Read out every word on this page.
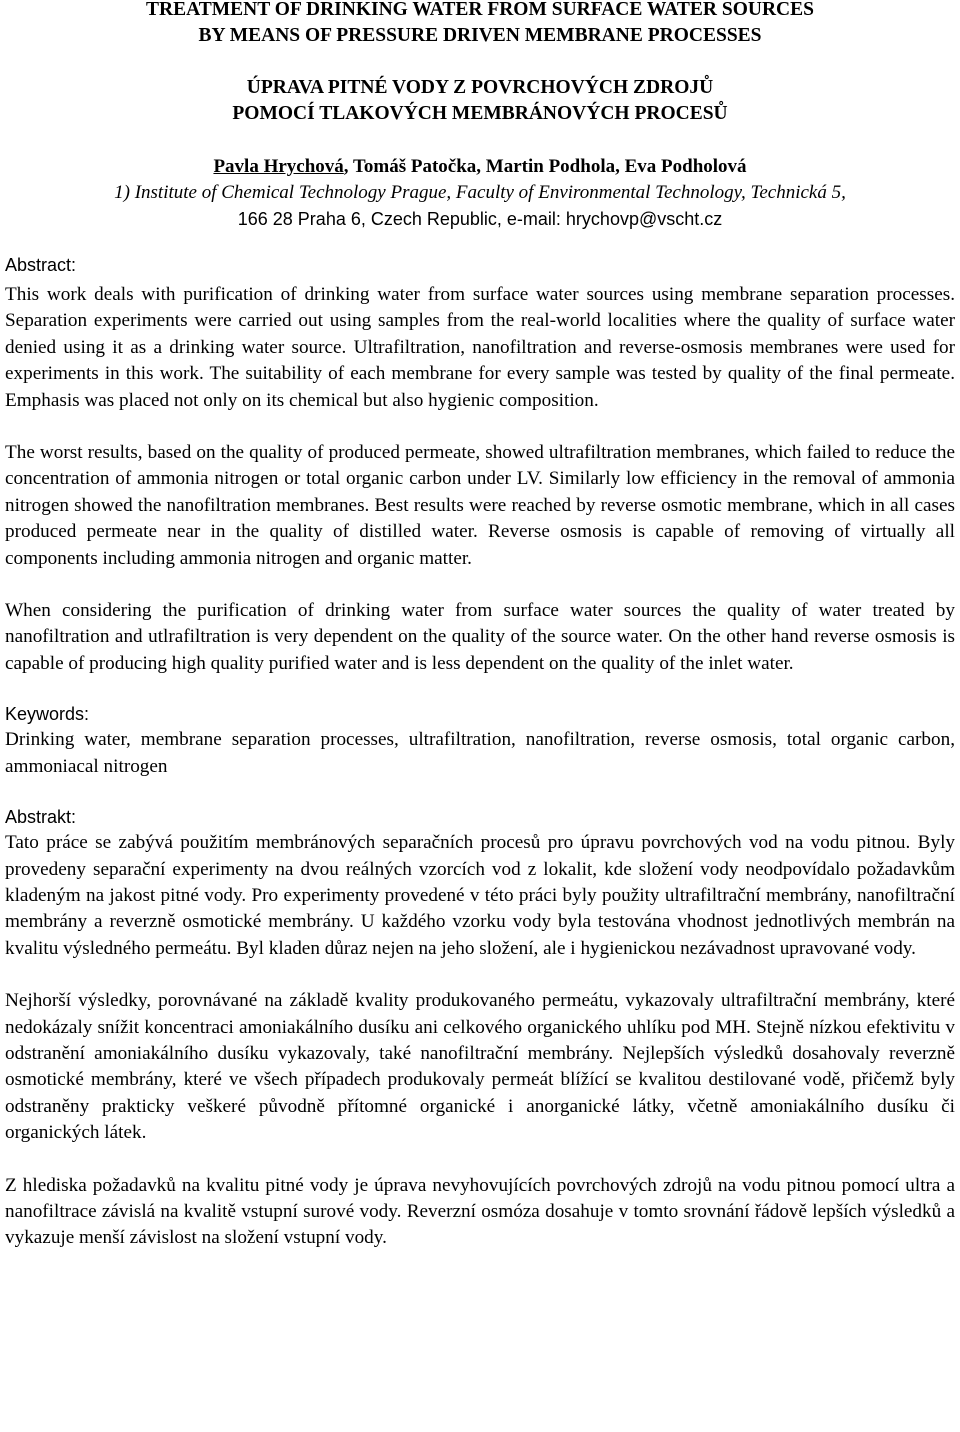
TREATMENT OF DRINKING WATER FROM SURFACE WATER SOURCES

BY MEANS OF PRESSURE DRIVEN MEMBRANE PROCESSES

ÚPRAVA PITNÉ VODY Z POVRCHOVÝCH ZDROJŮ

POMOCÍ TLAKOVÝCH MEMBRÁNOVÝCH PROCESŮ

Pavla Hrychová, Tomáš Patočka, Martin Podhola, Eva Podholová

1) Institute of Chemical Technology Prague, Faculty of Environmental Technology, Technická 5,

166 28 Praha 6, Czech Republic, e-mail: hrychovp@vscht.cz

Abstract:

This work deals with purification of drinking water from surface water sources using membrane separation processes. Separation experiments were carried out using samples from the real-world localities where the quality of surface water denied using it as a drinking water source. Ultrafiltration, nanofiltration and reverse-osmosis membranes were used for experiments in this work. The suitability of each membrane for every sample was tested by quality of the final permeate. Emphasis was placed not only on its chemical but also hygienic composition.

The worst results, based on the quality of produced permeate, showed ultrafiltration membranes, which failed to reduce the concentration of ammonia nitrogen or total organic carbon under LV. Similarly low efficiency in the removal of ammonia nitrogen showed the nanofiltration membranes. Best results were reached by reverse osmotic membrane, which in all cases produced permeate near in the quality of distilled water. Reverse osmosis is capable of removing of virtually all components including ammonia nitrogen and organic matter.

When considering the purification of drinking water from surface water sources the quality of water treated by nanofiltration and utlrafiltration is very dependent on the quality of the source water. On the other hand reverse osmosis is capable of producing high quality purified water and is less dependent on the quality of the inlet water.

Keywords:

Drinking water, membrane separation processes, ultrafiltration, nanofiltration, reverse osmosis, total organic carbon, ammoniacal nitrogen

Abstrakt:

Tato práce se zabývá použitím membránových separačních procesů pro úpravu povrchových vod na vodu pitnou. Byly provedeny separační experimenty na dvou reálných vzorcích vod z lokalit, kde složení vody neodpovídalo požadavkům kladeným na jakost pitné vody. Pro experimenty provedené v této práci byly použity ultrafiltrační membrány, nanofiltrační membrány a reverzně osmotické membrány. U každého vzorku vody byla testována vhodnost jednotlivých membrán na kvalitu výsledného permeátu. Byl kladen důraz nejen na jeho složení, ale i hygienickou nezávadnost upravované vody.

Nejhorší výsledky, porovnávané na základě kvality produkovaného permeátu, vykazovaly ultrafiltrační membrány, které nedokázaly snížit koncentraci amoniakálního dusíku ani celkového organického uhlíku pod MH. Stejně nízkou efektivitu v odstranění amoniakálního dusíku vykazovaly, také nanofiltrační membrány. Nejlepších výsledků dosahovaly reverzně osmotické membrány, které ve všech případech produkovaly permeát blížící se kvalitou destilované vodě, přičemž byly odstraněny prakticky veškeré původně přítomné organické i anorganické látky, včetně amoniakálního dusíku či organických látek.

Z hlediska požadavků na kvalitu pitné vody je úprava nevyhovujících povrchových zdrojů na vodu pitnou pomocí ultra a nanofiltrace závislá na kvalitě vstupní surové vody. Reverzní osmóza dosahuje v tomto srovnání řádově lepších výsledků a vykazuje menší závislost na složení vstupní vody.
